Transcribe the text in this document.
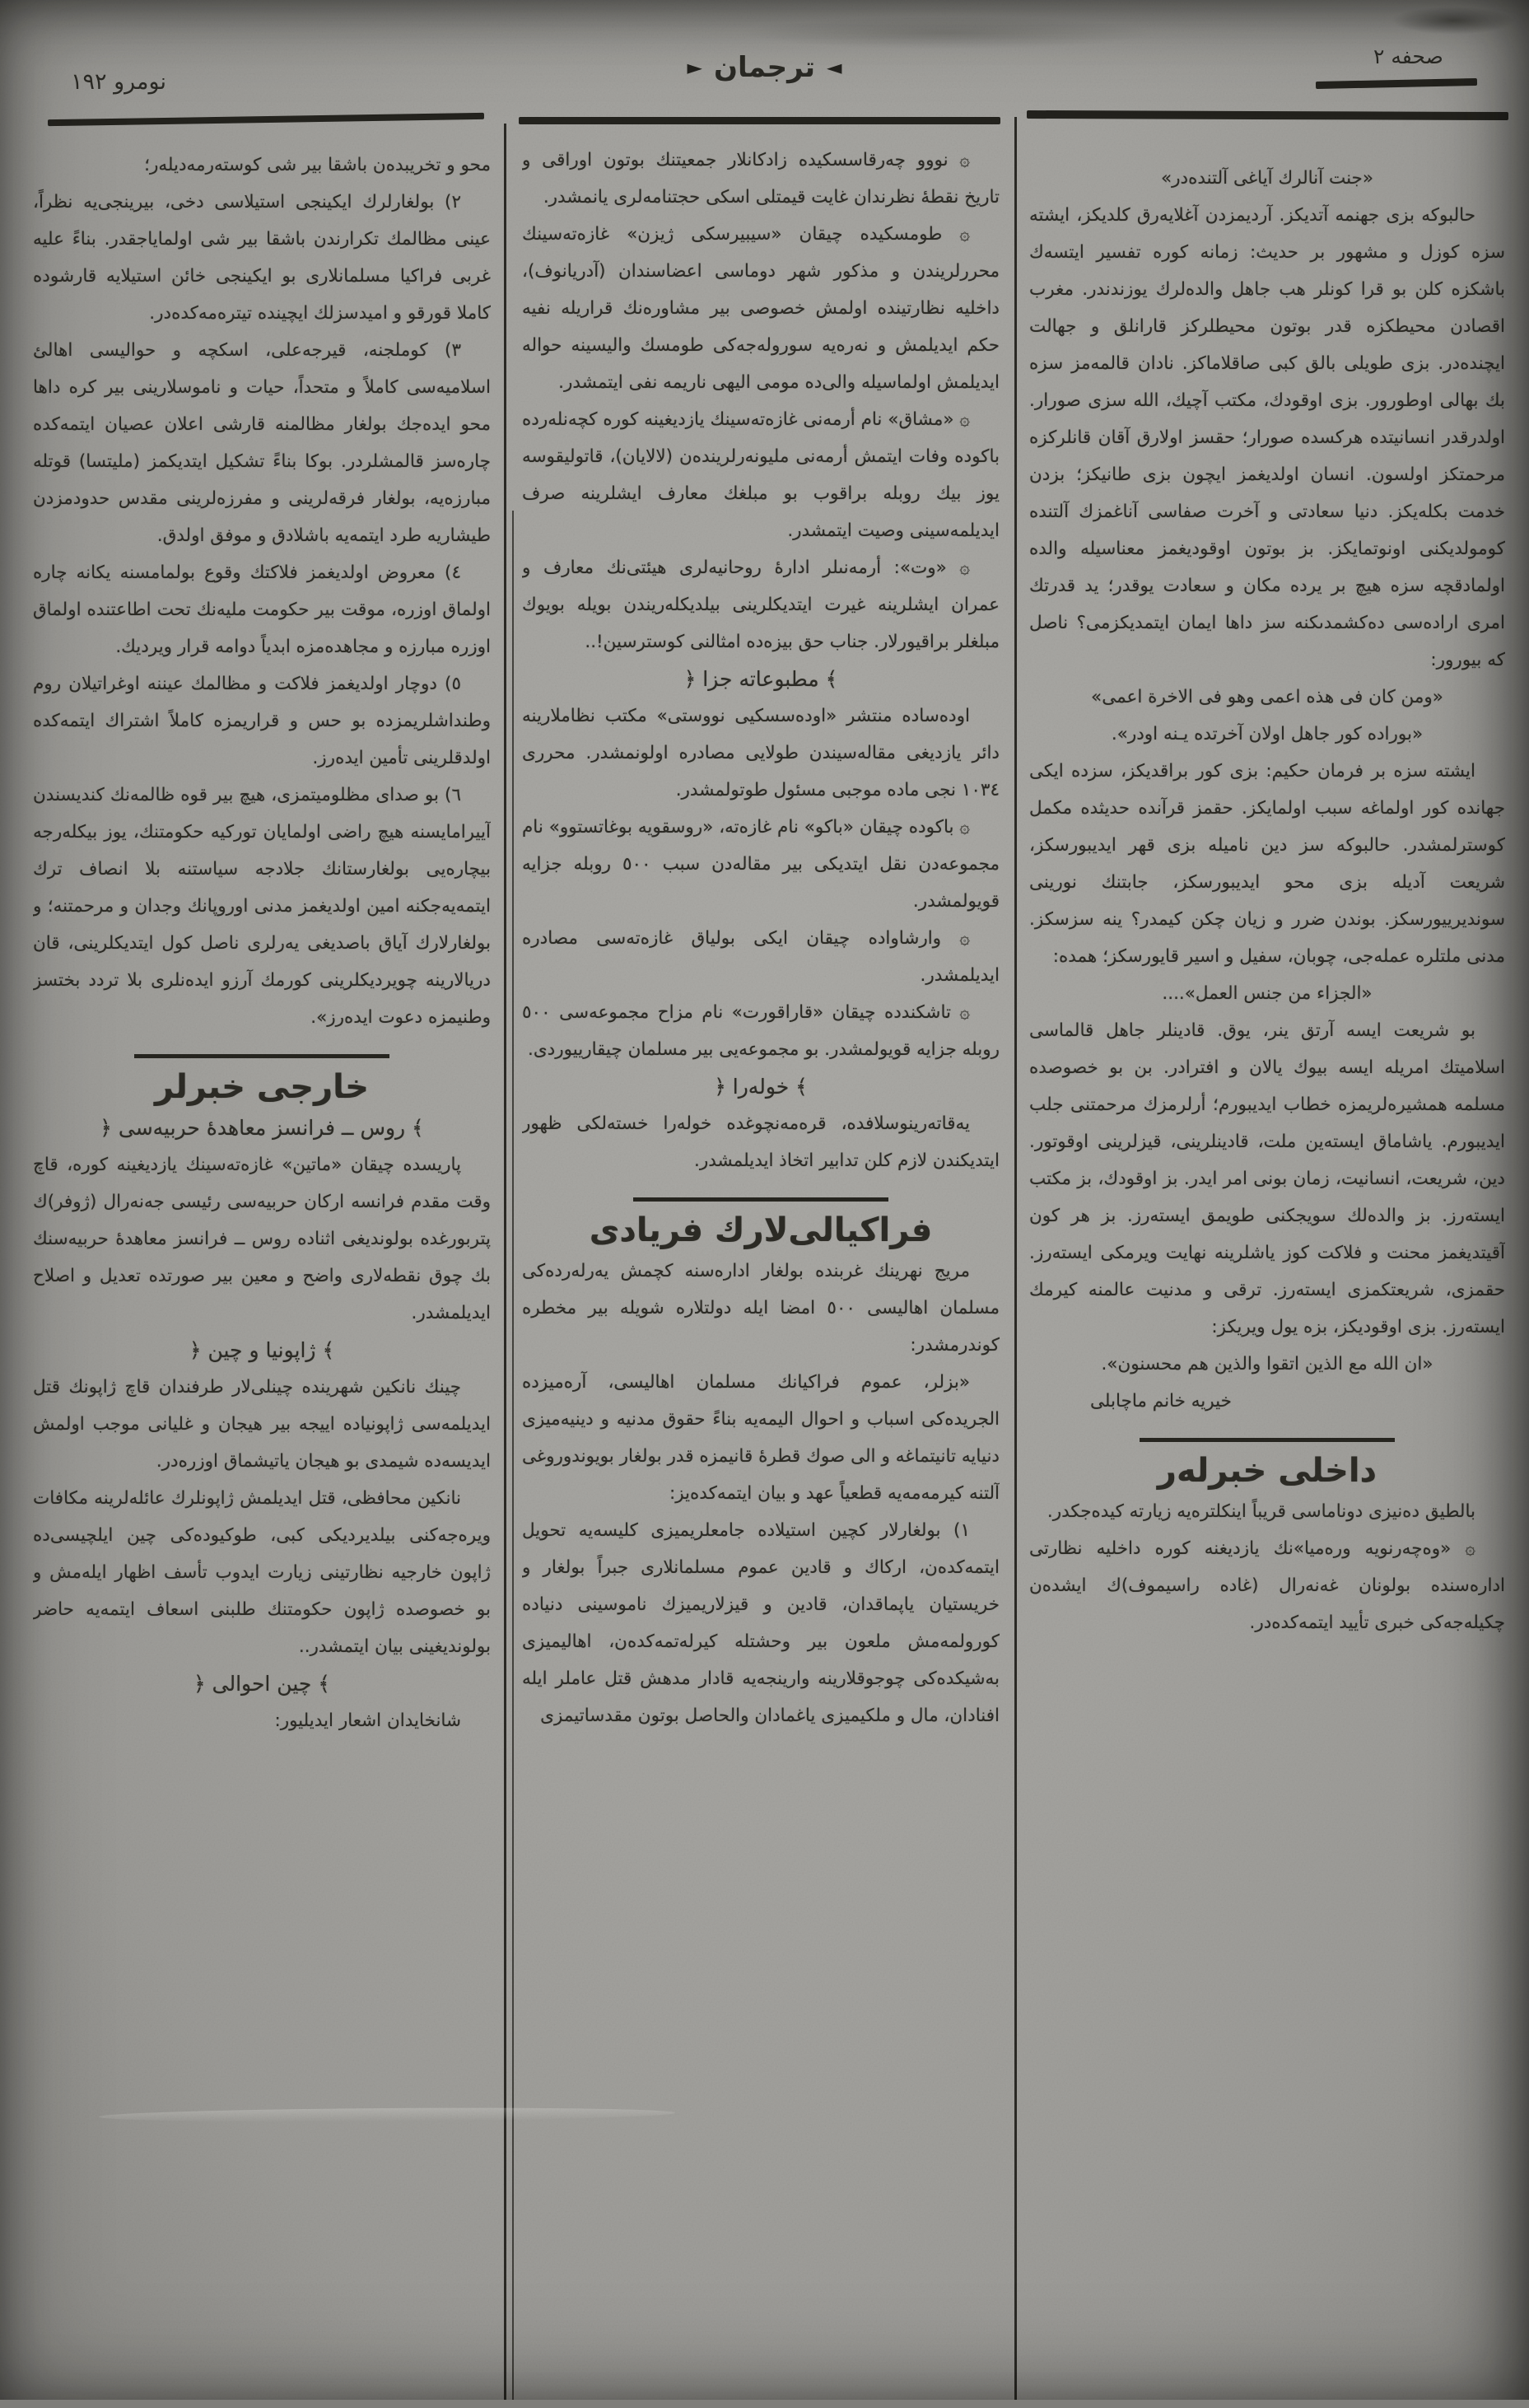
نومرو ١٩٢
◄ترجمان►	صحفه ٢

محو و تخريبدەن باشقا بير شى كوستەرمەديلەر؛

٢) بولغارلرك ايكينجى استيلاسى دخى، بيرينجى‌يه نظراً، عينى مظالمك تكرارندن باشقا بير شى اولماياجقدر. بناءً عليه غربى فراكيا مسلمانلارى بو ايكينجى خائن استيلايه قارشوده كاملا قورقو و اميدسزلك ايچينده تيترەمەكدەدر.

٣) كوملجنه، قيرجەعلى، اسكچه و حواليسى اهالئ اسلاميەسى كاملاً و متحداً، حيات و ناموسلارينى بير كره داها محو ايدەجك بولغار مظالمنه قارشى اعلان عصيان ايتمەكده چارەسز قالمشلردر. بوكا بناءً تشكيل ايتديكمز (مليتسا) قوتله مبارزەيه، بولغار فرقەلرينى و مفرزەلرينى مقدس حدودمزدن طيشاريه طرد ايتمەيه باشلادق و موفق اولدق.

٤) معروض اولديغمز فلاكتك وقوع بولمامسنه يكانه چاره اولماق اوزره، موقت بير حكومت مليەنك تحت اطاعتنده اولماق اوزره مبارزه و مجاهدەمزه ابدياً دوامه قرار ويرديك.

٥) دوچار اولديغمز فلاكت و مظالمك عيننه اوغراتيلان روم وطنداشلريمزده بو حس و قراريمزه كاملاً اشتراك ايتمەكدە اولدقلرينى تأمين ايدەرز.

٦) بو صداى مظلوميتمزى، هيچ بير قوه ظالمەنك كنديسندن آييرامايسنه هيچ راضى اولمايان توركيه حكومتنك، يوز بيكلەرجه بيچارەيى بولغارستانك جلادجه سياستنه بلا انصاف ترك ايتمەيەجكنه امين اولديغمز مدنى اوروپانك وجدان و مرحمتنه؛ و بولغارلارك آياق باصديغى يەرلرى ناصل كول ايتديكلرينى، قان دريالارينه چويرديكلرينى كورمك آرزو ايدەنلرى بلا تردد بختسز وطنيمزه دعوت ايدەرز».

خارجى خبرلر

﴾ روس ــ فرانسز معاهدهٔ حربيەسى ﴿

پاريسده چيقان «ماتين» غازەتەسينك يازديغينه كوره، قاچ وقت مقدم فرانسه اركان حربيەسى رئيسى جەنەرال (ژوفر)ك پتربورغده بولونديغى اثناده روس ــ فرانسز معاهدهٔ حربيەسنك بك چوق نقطەلارى واضح و معين بير صورتده تعديل و اصلاح ايديلمشدر.

﴾ ژاپونيا و چين ﴿

چينك نانكين شهرينده چينلى‌لار طرفندان قاچ ژاپونك قتل ايديلمەسى ژاپونياده اييجه بير هيجان و غليانى موجب اولمش ايديسەده شيمدى بو هيجان ياتيشماق اوزرەدر.

نانكين محافظى، قتل ايديلمش ژاپونلرك عائلەلرينه مكافات ويرەجەكنى بيلديرديكى كبى، طوكيودەكى چين ايلچيسى‌ده ژاپون خارجيه نظارتينى زيارت ايدوب تأسف اظهار ايلەمش و بو خصوصده ژاپون حكومتنك طلبنى اسعاف ايتمەيه حاضر بولونديغينى بيان ايتمشدر..

﴾ چين احوالى ﴿

شانخايدان اشعار ايديليور:

۞ نووو چەرقاسسكيده زادكانلار جمعيتنك بوتون اوراقى و تاريخ نقطهٔ نظرندان غايت قيمتلى اسكى حجتنامەلرى يانمشدر.

۞ طومسكيده چيقان «سيبيرسكى ژيزن» غازەتەسينك محررلريندن و مذكور شهر دوماسى اعضاسندان (آدريانوف)، داخليه نظارتينده اولمش خصوصى بير مشاورەنك قراريله نفيه حكم ايديلمش و نەرەيه سورولەجەكى طومسك واليسينه حواله ايديلمش اولماسيله والى‌ده مومى اليهى ناريمه نفى ايتمشدر.

۞ «مشاق» نام أرمەنى غازەتەسينك يازديغينه كوره كچەنلەرده باكوده وفات ايتمش أرمەنى مليونەرلريندەن (لالايان)، قاتوليقوسه يوز بيك روبله براقوب بو مبلغك معارف ايشلرينه صرف ايديلمەسينى وصيت ايتمشدر.

۞ «وت»: أرمەنىلر ادارهٔ روحانيەلرى هيئتى‌نك معارف و عمران ايشلرينه غيرت ايتديكلرينى بيلديكلەريندن بويله بويوك مبلغلر براقيورلار. جناب حق بيزەده امثالنى كوسترسين!..

﴾ مطبوعاته جزا ﴿

اودەساده منتشر «اودەسسكيى نووستى» مكتب نظاملارينه دائر يازديغى مقالەسيندن طولايى مصادره اولونمشدر. محررى ١٠٣٤ نجى ماده موجبى مسئول طوتولمشدر.

۞ باكوده چيقان «باكو» نام غازەته، «روسقويه بوغاتستوو» نام مجموعەدن نقل ايتديكى بير مقالەدن سبب ٥٠٠ روبله جزايه قويولمشدر.

۞ وارشاواده چيقان ايكى بولياق غازەتەسى مصادره ايديلمشدر.

۞ تاشكندده چيقان «قاراقورت» نام مزاح مجموعەسى ٥٠٠ روبله جزايه قويولمشدر. بو مجموعەيى بير مسلمان چيقارييوردى.

﴾ خولەرا ﴿

يەقاتەرينوسلافده، قرەمەنچوغده خولەرا خستەلكى ظهور ايتديكندن لازم كلن تدابير اتخاذ ايديلمشدر.

فراكيالى‌لارك فريادى

مريج نهرينك غربنده بولغار ادارەسنه كچمش يەرلەردەكى مسلمان اهاليسى ٥٠٠ امضا ايله دولتلاره شويله بير مخطره كوندرمشدر:

«بزلر، عموم فراكيانك مسلمان اهاليسى، آرەميزدە الجريدەكى اسباب و احوال اليمەيه بناءً حقوق مدنيه و دينيەميزى دنيايه تانيتماغه و الى صوك قطرهٔ قانيمزه قدر بولغار بويوندوروغى آلتنه كيرمەمەيه قطعياً عهد و بيان ايتمەكدەيز:

١) بولغارلار كچين استيلاده جامعلريميزى كليسەيه تحويل ايتمەكدەن، اركاك و قادين عموم مسلمانلارى جبراً بولغار و خريستيان ياپماقدان، قادين و قيزلاريميزك ناموسينى دنياده كورولمەمش ملعون بير وحشتله كيرلەتمەكدەن، اهاليميزى بەشيكدەكى چوجوقلارينه وارينجەيه قادار مدهش قتل عاملر ايله افنادان، مال و ملكيميزى ياغمادان والحاصل بوتون مقدساتيمزى

«جنت آنالرك آياغى آلتنده‌در»

حالبوكه بزى جهنمه آتديكز. آرديمزدن آغلايەرق كلديكز، ايشته سزه كوزل و مشهور بر حديث: زمانه كوره تفسير ايتسەك باشكزه كلن بو قرا كونلر هب جاهل والدەلرك يوزندندر. مغرب اقصادن محيطكزه قدر بوتون محيطلركز قارانلق و جهالت ايچندەدر. بزى طويلى بالق كبى صاقلاماكز. نادان قالمەمز سزه بك بهالى اوطورور. بزى اوقودك، مكتب آچيك، الله سزى صورار. اولدرقدر انسانيتدە هركسدە صورار؛ حقسز اولارق آقان قانلركزه مرحمتكز اولسون. انسان اولديغمز ايچون بزى طانيكز؛ بزدن خدمت بكلەيكز. دنيا سعادتى و آخرت صفاسى آناغمزك آلتنده كومولديكنى اونوتمايكز. بز بوتون اوقوديغمز معناسيله والدە اولمادقچه سزه هيچ بر يرده مكان و سعادت يوقدر؛ يد قدرتك امرى ارادەسى دەكشمدىكنه سز داها ايمان ايتمديكزمى؟ ناصل كه بيورور:

«ومن كان فى هذه اعمى وهو فى الاخرة اعمى»

«بوراده كور جاهل اولان آخرتده يـنه اودر».

ايشته سزه بر فرمان حكيم: بزى كور براقديكز، سزده ايكى جهانده كور اولماغه سبب اولمايكز. حقمز قرآنده حديثده مكمل كوسترلمشدر. حالبوكه سز دين ناميله بزى قهر ايديبورسكز، شريعت آديله بزى محو ايديبورسكز، جابتنك نورينى سونديرييورسكز. بوندن ضرر و زيان چكن كيمدر؟ ينه سزسكز. مدنى ملتلره عملەجى، چوبان، سفيل و اسير قايورسكز؛ همده:

«الجزاء من جنس العمل»....

بو شريعت ايسه آرتق ينر، يوق. قادينلر جاهل قالماسى اسلاميتك امريله ايسه بيوك يالان و افترادر. بن بو خصوصده مسلمه همشيرەلريمزه خطاب ايديبورم؛ أرلرمزك مرحمتنى جلب ايديبورم. ياشاماق ايستەين ملت، قادينلرينى، قيزلرينى اوقوتور. دين، شريعت، انسانيت، زمان بونى امر ايدر. بز اوقودك، بز مكتب ايستەرز. بز والدەلك سويجكنى طويمق ايستەرز. بز هر كون آقيتديغمز محنت و فلاكت كوز ياشلرينه نهايت ويرمكى ايستەرز. حقمزى، شريعتكمزى ايستەرز. ترقى و مدنيت عالمنه كيرمك ايستەرز. بزى اوقوديكز، بزه يول ويريكز:

«ان الله مع الذين اتقوا والذين هم محسنون».

خيريه خانم ماچابلى

داخلى خبرلەر

بالطيق دەنيزى دوناماسى قريباً اينكلترەيه زيارته كيدەجكدر.

۞ «وەچەرنويه ورەميا»نك يازديغنه كوره داخليه نظارتى ادارەسنده بولونان غەنەرال (غادە راسيموف)ك ايشدەن چكيلەجەكى خبرى تأييد ايتمەكدەدر.
